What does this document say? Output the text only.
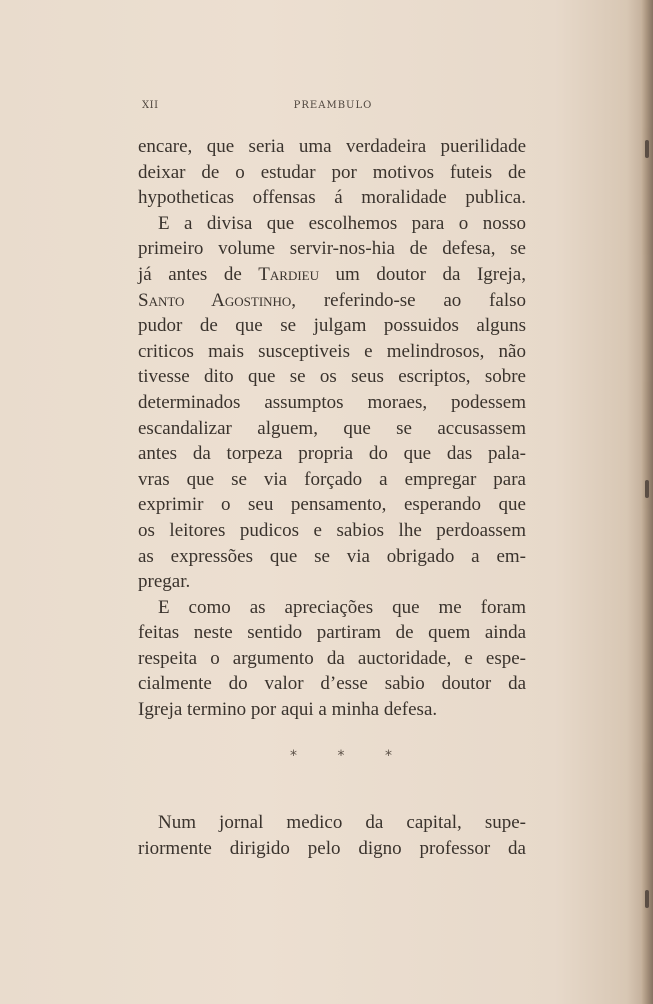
XII	PREAMBULO
encare, que seria uma verdadeira puerilidade
deixar de o estudar por motivos futeis de
hypotheticas offensas á moralidade publica.
E a divisa que escolhemos para o nosso
primeiro volume servir-nos-hia de defesa, se
já antes de Tardieu um doutor da Igreja,
Santo Agostinho, referindo-se ao falso
pudor de que se julgam possuidos alguns
criticos mais susceptiveis e melindrosos, não
tivesse dito que se os seus escriptos, sobre
determinados assumptos moraes, podessem
escandalizar alguem, que se accusassem
antes da torpeza propria do que das pala-
vras que se via forçado a empregar para
exprimir o seu pensamento, esperando que
os leitores pudicos e sabios lhe perdoassem
as expressões que se via obrigado a em-
pregar.
E como as apreciações que me foram
feitas neste sentido partiram de quem ainda
respeita o argumento da auctoridade, e espe-
cialmente do valor d’esse sabio doutor da
Igreja termino por aqui a minha defesa.
* * *
Num jornal medico da capital, supe-
riormente dirigido pelo digno professor da
